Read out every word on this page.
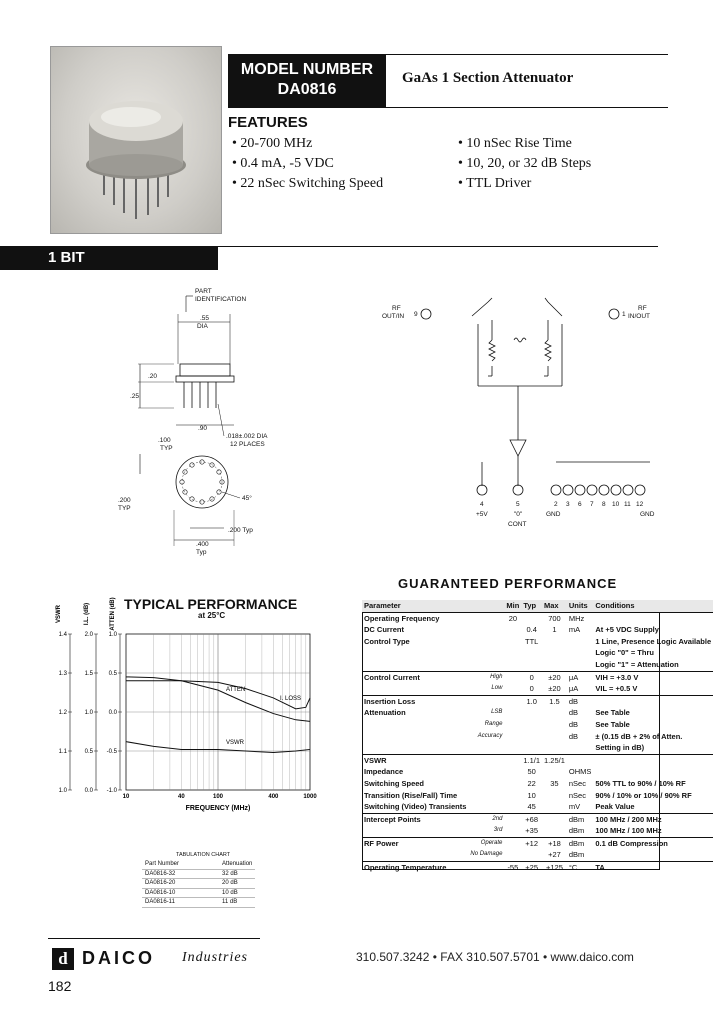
MODEL NUMBER
DA0816
GaAs 1 Section Attenuator
FEATURES
• 20-700 MHz
• 0.4 mA, -5 VDC
• 22 nSec Switching Speed
• 10 nSec Rise Time
• 10, 20, or 32 dB Steps
• TTL Driver
1 BIT
PART
IDENTIFICATION
.55
DIA
.20
.25
.90
.018±.002 DIA
12 PLACES
.100
TYP
.200
TYP
45°
.200 Typ
.400
Typ
RF
OUT/IN 9	1
RF
IN/OUT
4	5
+5V	"0"
CONT
2 3 6 7 8 10 11 12
GND	GND
TYPICAL PERFORMANCE
at 25°C
VSWR	I.L. (dB)	ATTEN (dB)
1.4
1.3
1.2
1.1
1.0
2.0
1.5
1.0
0.5
0.0
1.0
0.5
0.0
-0.5
-1.0
10	40	100	400	1000
ATTEN
I. LOSS
VSWR
FREQUENCY (MHz)
TABULATION CHART
Part Number	Attenuation
DA0816-32	32 dB
DA0816-20	20 dB
DA0816-10	10 dB
DA0816-11	11 dB
GUARANTEED PERFORMANCE
Parameter		Min	Typ	Max	Units	Conditions
Operating Frequency		20		700	MHz	
DC Current			0.4	1	mA	At +5 VDC Supply
Control Type			TTL			1 Line, Presence Logic Available
						Logic "0" = Thru
						Logic "1" = Attenuation
Control Current	High		0	±20	μA	VIH = +3.0 V
	Low		0	±20	μA	VIL = +0.5 V
Insertion Loss			1.0	1.5	dB	
Attenuation	LSB				dB	See Table
	Range				dB	See Table
	Accuracy				dB	± (0.15 dB + 2% of Atten.
						Setting in dB)
VSWR			1.1/1	1.25/1		
Impedance			50		OHMS	
Switching Speed			22	35	nSec	50% TTL to 90% / 10% RF
Transition (Rise/Fall) Time			10		nSec	90% / 10% or 10% / 90% RF
Switching (Video) Transients			45		mV	Peak Value
Intercept Points	2nd		+68		dBm	100 MHz / 200 MHz
	3rd		+35		dBm	100 MHz / 100 MHz
RF Power	Operate		+12	+18	dBm	0.1 dB Compression
	No Damage			+27	dBm	
Operating Temperature		-55	+25	+125	°C	TA
d DAICO Industries	310.507.3242 • FAX 310.507.5701 • www.daico.com
182
